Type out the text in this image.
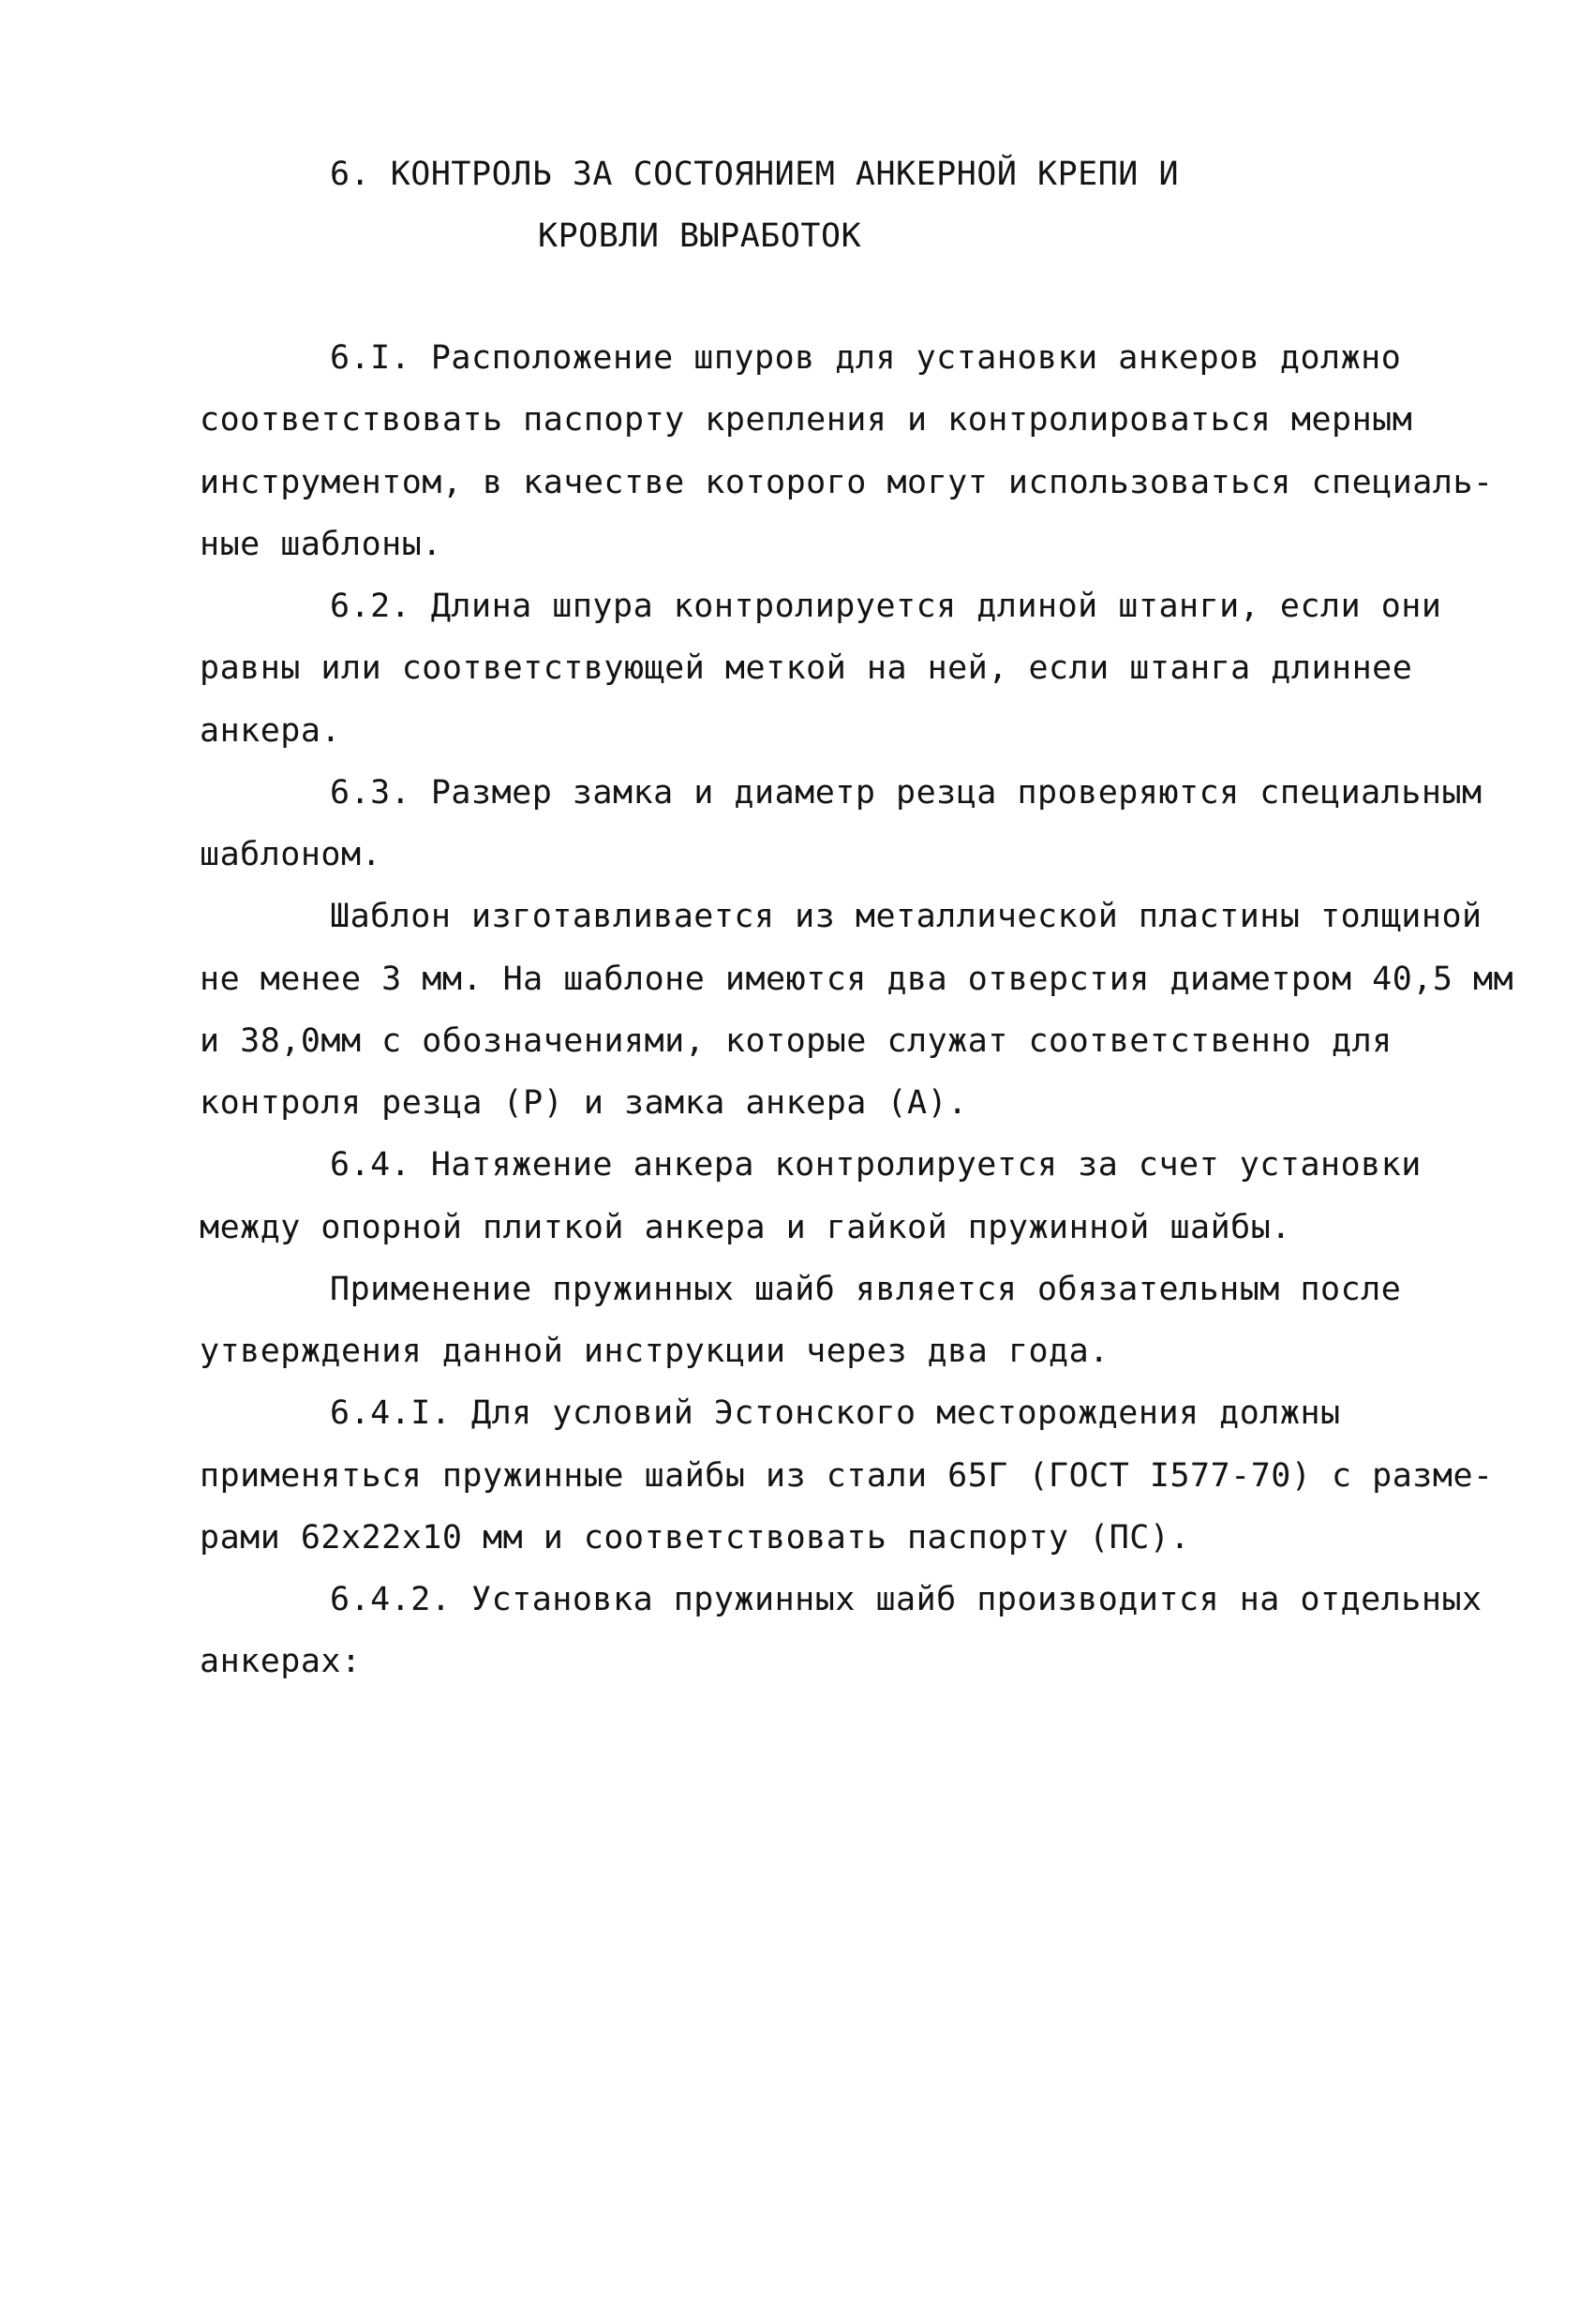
6. КОНТРОЛЬ ЗА СОСТОЯНИЕМ АНКЕРНОЙ КРЕПИ И
КРОВЛИ ВЫРАБОТОК
6.I. Расположение шпуров для установки анкеров должно
соответствовать паспорту крепления и контролироваться мерным
инструментом, в качестве которого могут использоваться специаль-
ные шаблоны.
6.2. Длина шпура контролируется длиной штанги, если они
равны или соответствующей меткой на ней, если штанга длиннее
анкера.
6.3. Размер замка и диаметр резца проверяются специальным
шаблоном.
Шаблон изготавливается из металлической пластины толщиной
не менее 3 мм. На шаблоне имеются два отверстия диаметром 40,5 мм
и 38,0мм с обозначениями, которые служат соответственно для
контроля резца (Р) и замка анкера (А).
6.4. Натяжение анкера контролируется за счет установки
между опорной плиткой анкера и гайкой пружинной шайбы.
Применение пружинных шайб является обязательным после
утверждения данной инструкции через два года.
6.4.I. Для условий Эстонского месторождения должны
применяться пружинные шайбы из стали 65Г (ГОСТ I577-70) с разме-
рами 62х22х10 мм и соответствовать паспорту (ПС).
6.4.2. Установка пружинных шайб производится на отдельных
анкерах:
